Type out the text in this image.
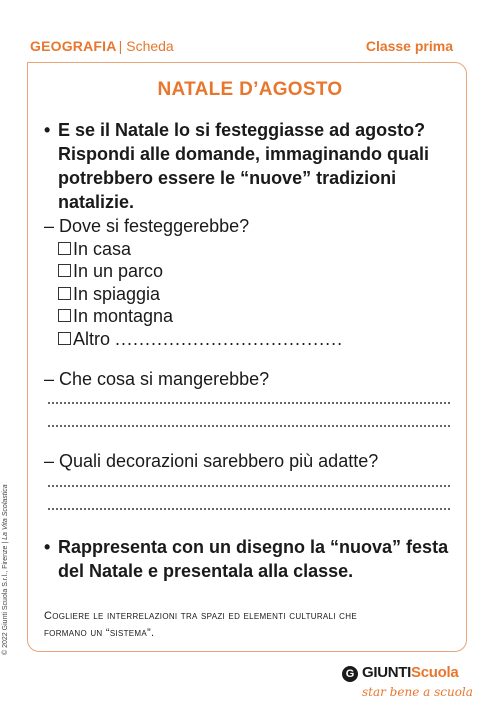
GEOGRAFIA | Scheda	Classe prima
NATALE D’AGOSTO
• E se il Natale lo si festeggiasse ad agosto?
Rispondi alle domande, immaginando quali
potrebbero essere le “nuove” tradizioni
natalizie.
– Dove si festeggerebbe?
In casa
In un parco
In spiaggia
In montagna
Altro ......................................
– Che cosa si mangerebbe?
– Quali decorazioni sarebbero più adatte?
• Rappresenta con un disegno la “nuova” festa
del Natale e presentala alla classe.
Cogliere le interrelazioni tra spazi ed elementi culturali che
formano un “sistema”.
© 2022 Giunti Scuola S.r.l., Firenze | La Vita Scolastica
G GIUNTIScuola
star bene a scuola
